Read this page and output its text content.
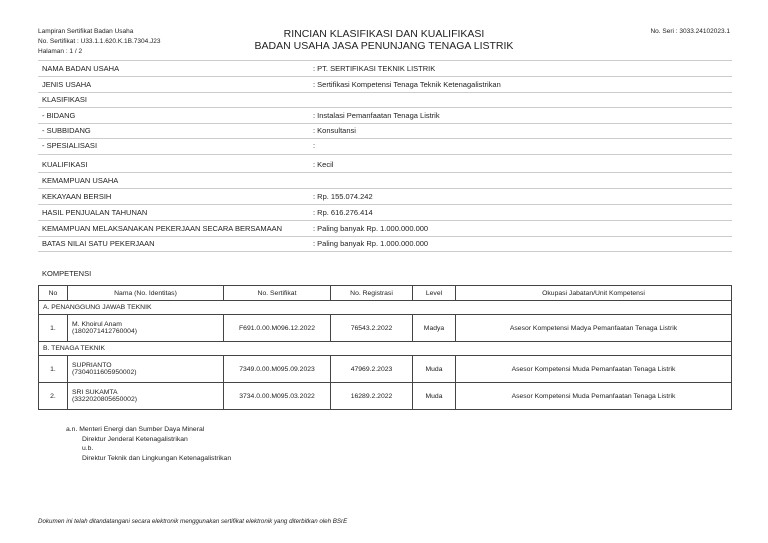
Lampiran Sertifikat Badan Usaha
No. Sertifikat : U33.1.1.620.K.1B.7304.J23
Halaman : 1 / 2
RINCIAN KLASIFIKASI DAN KUALIFIKASI
BADAN USAHA JASA PENUNJANG TENAGA LISTRIK
No. Seri : 3033.24102023.1
NAMA BADAN USAHA	: PT. SERTIFIKASI TEKNIK LISTRIK
JENIS USAHA	: Sertifikasi Kompetensi Tenaga Teknik Ketenagalistrikan
KLASIFIKASI
- BIDANG	: Instalasi Pemanfaatan Tenaga Listrik
- SUBBIDANG	: Konsultansi
- SPESIALISASI	:
KUALIFIKASI	: Kecil
KEMAMPUAN USAHA
KEKAYAAN BERSIH	: Rp. 155.074.242
HASIL PENJUALAN TAHUNAN	: Rp. 616.276.414
KEMAMPUAN MELAKSANAKAN PEKERJAAN SECARA BERSAMAAN	: Paling banyak Rp. 1.000.000.000
BATAS NILAI SATU PEKERJAAN	: Paling banyak Rp. 1.000.000.000
KOMPETENSI
No	Nama (No. Identitas)	No. Sertifikat	No. Registrasi	Level	Okupasi Jabatan/Unit Kompetensi
A. PENANGGUNG JAWAB TEKNIK					
1.	M. Khoirul Anam
(1802071412760004)	F691.0.00.M096.12.2022	76543.2.2022	Madya	Asesor Kompetensi Madya Pemanfaatan Tenaga Listrik
B. TENAGA TEKNIK					
1.	SUPRIANTO
(7304011605950002)	7349.0.00.M095.09.2023	47969.2.2023	Muda	Asesor Kompetensi Muda Pemanfaatan Tenaga Listrik
2.	SRI SUKAMTA
(3322020805650002)	3734.0.00.M095.03.2022	16289.2.2022	Muda	Asesor Kompetensi Muda Pemanfaatan Tenaga Listrik
a.n. Menteri Energi dan Sumber Daya Mineral
Direktur Jenderal Ketenagalistrikan
u.b.
Direktur Teknik dan Lingkungan Ketenagalistrikan
Dokumen ini telah ditandatangani secara elektronik menggunakan sertifikat elektronik yang diterbitkan oleh BSrE
